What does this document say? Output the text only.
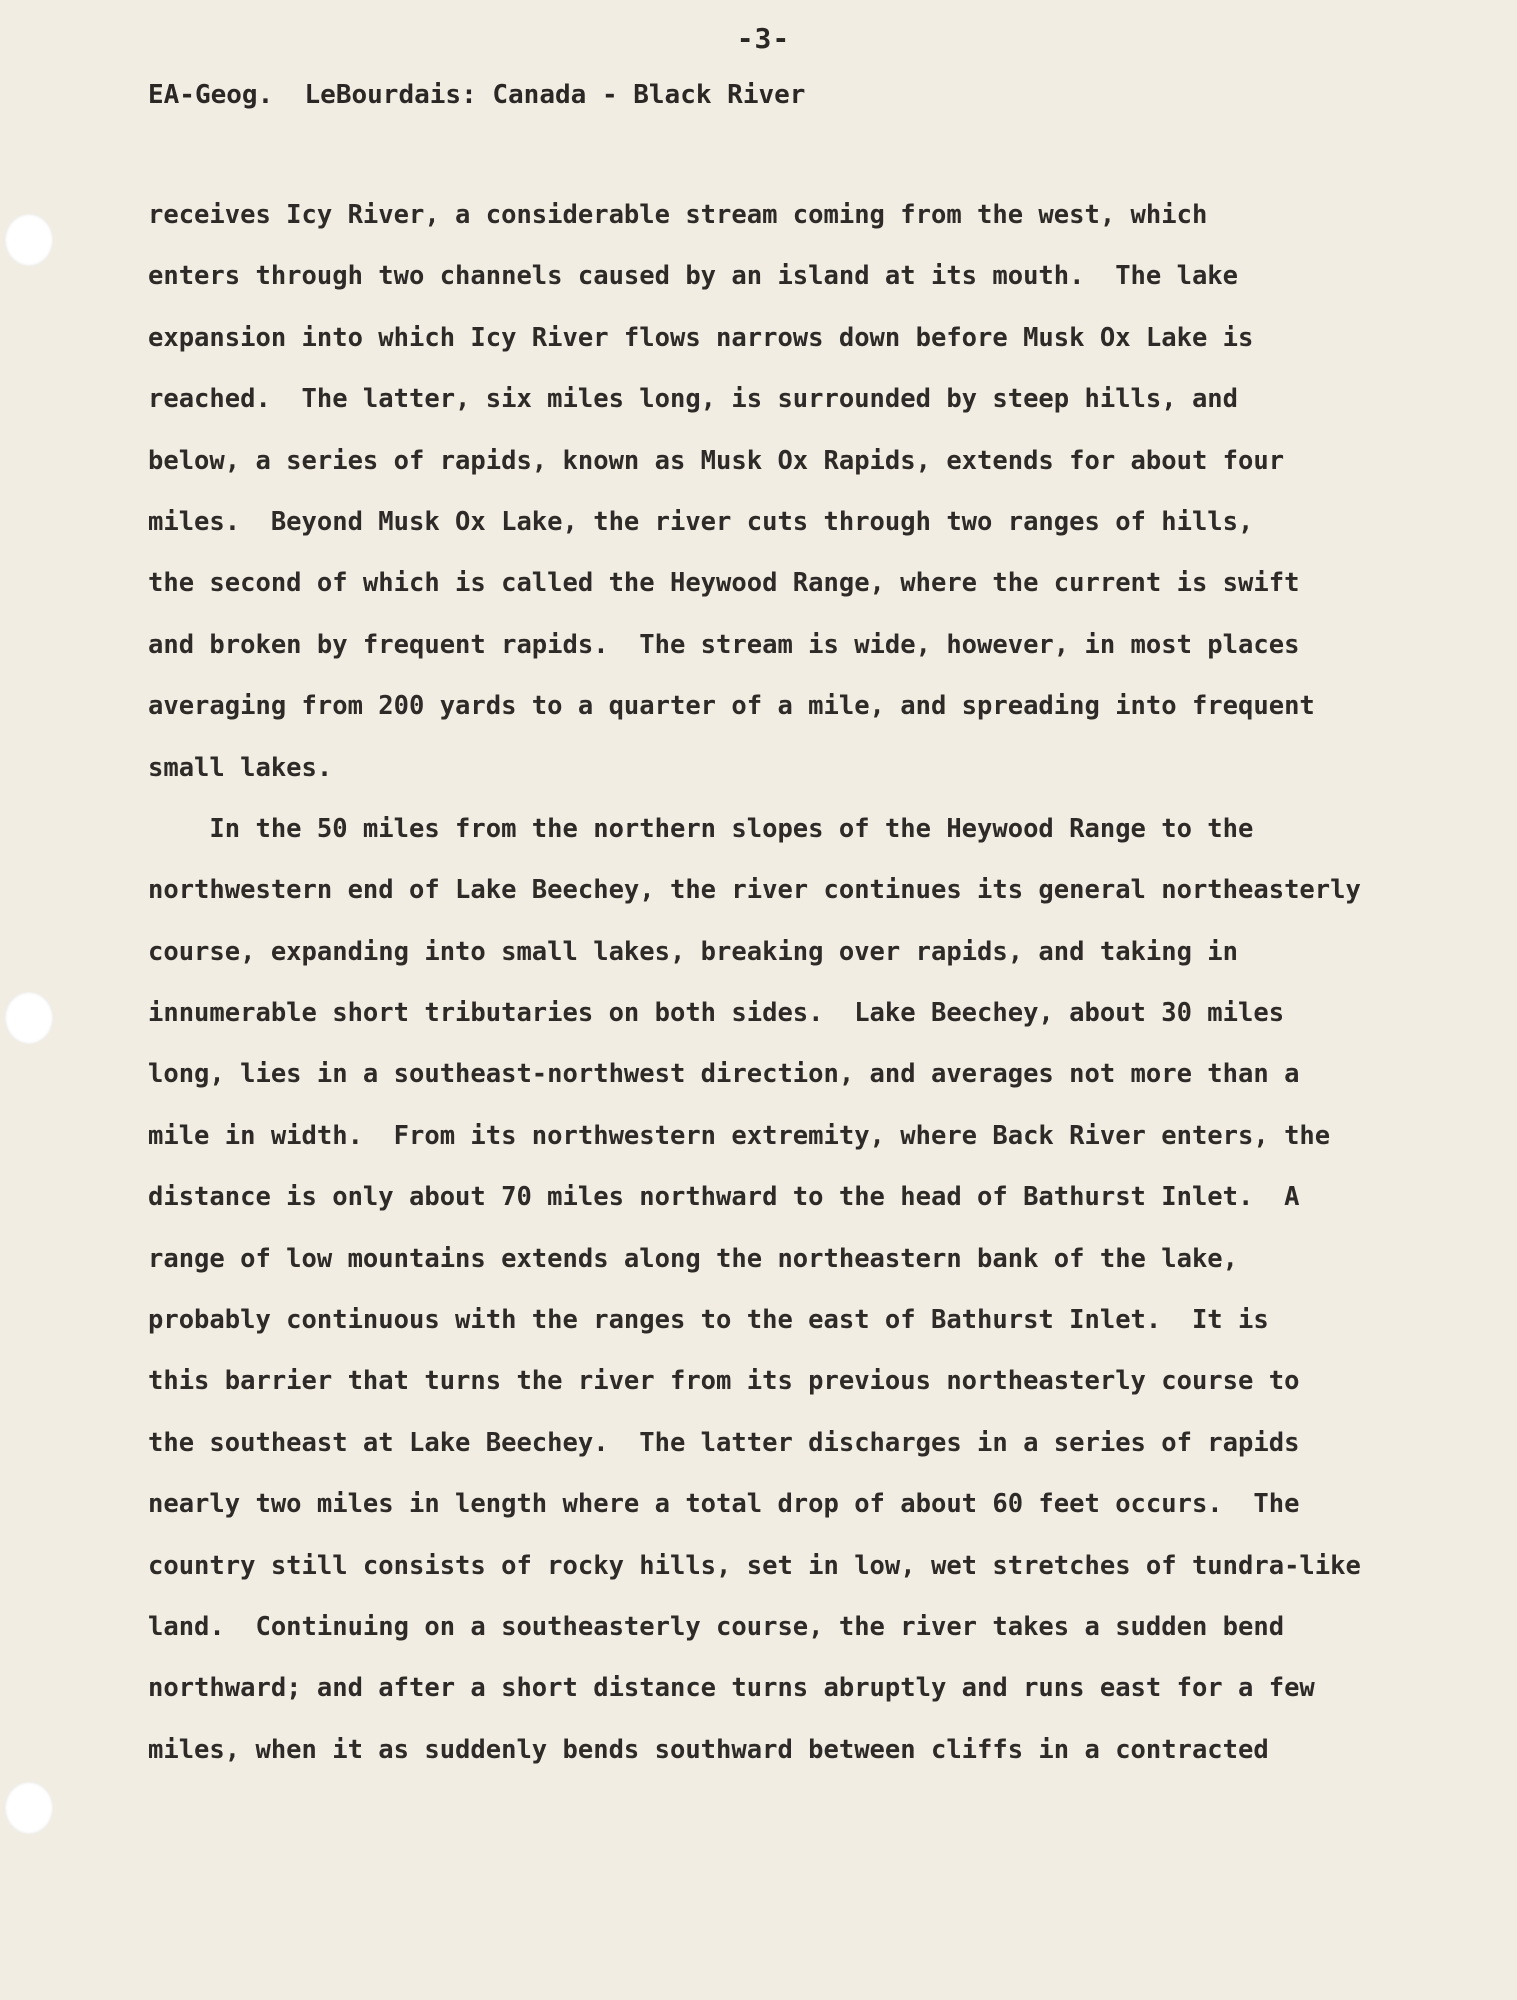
-3-
EA-Geog.  LeBourdais: Canada - Black River
receives Icy River, a considerable stream coming from the west, which
enters through two channels caused by an island at its mouth.  The lake
expansion into which Icy River flows narrows down before Musk Ox Lake is
reached.  The latter, six miles long, is surrounded by steep hills, and
below, a series of rapids, known as Musk Ox Rapids, extends for about four
miles.  Beyond Musk Ox Lake, the river cuts through two ranges of hills,
the second of which is called the Heywood Range, where the current is swift
and broken by frequent rapids.  The stream is wide, however, in most places
averaging from 200 yards to a quarter of a mile, and spreading into frequent
small lakes.
In the 50 miles from the northern slopes of the Heywood Range to the
northwestern end of Lake Beechey, the river continues its general northeasterly
course, expanding into small lakes, breaking over rapids, and taking in
innumerable short tributaries on both sides.  Lake Beechey, about 30 miles
long, lies in a southeast-northwest direction, and averages not more than a
mile in width.  From its northwestern extremity, where Back River enters, the
distance is only about 70 miles northward to the head of Bathurst Inlet.  A
range of low mountains extends along the northeastern bank of the lake,
probably continuous with the ranges to the east of Bathurst Inlet.  It is
this barrier that turns the river from its previous northeasterly course to
the southeast at Lake Beechey.  The latter discharges in a series of rapids
nearly two miles in length where a total drop of about 60 feet occurs.  The
country still consists of rocky hills, set in low, wet stretches of tundra-like
land.  Continuing on a southeasterly course, the river takes a sudden bend
northward; and after a short distance turns abruptly and runs east for a few
miles, when it as suddenly bends southward between cliffs in a contracted
